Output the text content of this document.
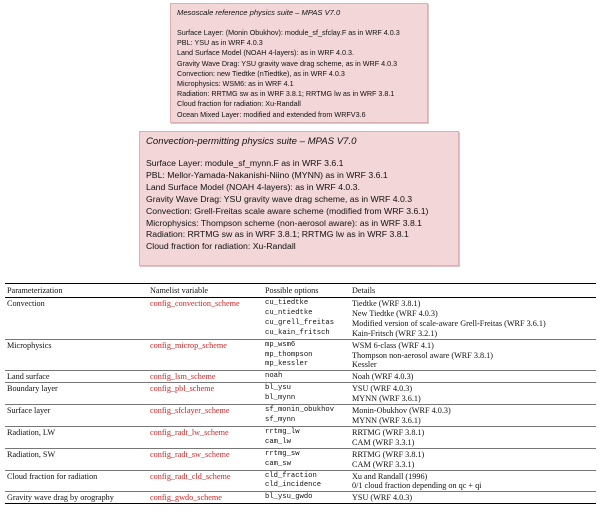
Mesoscale reference physics suite – MPAS V7.0
Surface Layer: (Monin Obukhov): module_sf_sfclay.F as in WRF 4.0.3
PBL: YSU as in WRF 4.0.3
Land Surface Model (NOAH 4-layers): as in WRF 4.0.3.
Gravity Wave Drag: YSU gravity wave drag scheme, as in WRF 4.0.3
Convection: new Tiedtke (nTiedtke), as in WRF 4.0.3
Microphysics: WSM6: as in WRF 4.1
Radiation: RRTMG sw as in WRF 3.8.1; RRTMG lw as in WRF 3.8.1
Cloud fraction for radiation: Xu-Randall
Ocean Mixed Layer: modified and extended from WRFV3.6
Convection-permitting physics suite – MPAS V7.0
Surface Layer: module_sf_mynn.F as in WRF 3.6.1
PBL: Mellor-Yamada-Nakanishi-Niino (MYNN) as in WRF 3.6.1
Land Surface Model (NOAH 4-layers): as in WRF 4.0.3.
Gravity Wave Drag: YSU gravity wave drag scheme, as in WRF 4.0.3
Convection: Grell-Freitas scale aware scheme (modified from WRF 3.6.1)
Microphysics: Thompson scheme (non-aerosol aware): as in WRF 3.8.1
Radiation: RRTMG sw as in WRF 3.8.1; RRTMG lw as in WRF 3.8.1
Cloud fraction for radiation: Xu-Randall
Parameterization	Namelist variable	Possible options	Details
Convection	config_convection_scheme	cu_tiedtke	Tiedtke (WRF 3.8.1)
		cu_ntiedtke	New Tiedtke (WRF 4.0.3)
		cu_grell_freitas	Modified version of scale-aware Grell-Freitas (WRF 3.6.1)
		cu_kain_fritsch	Kain-Fritsch (WRF 3.2.1)
Microphysics	config_microp_scheme	mp_wsm6	WSM 6-class (WRF 4.1)
		mp_thompson	Thompson non-aerosol aware (WRF 3.8.1)
		mp_kessler	Kessler
Land surface	config_lsm_scheme	noah	Noah (WRF 4.0.3)
Boundary layer	config_pbl_scheme	bl_ysu	YSU (WRF 4.0.3)
		bl_mynn	MYNN (WRF 3.6.1)
Surface layer	config_sfclayer_scheme	sf_monin_obukhov	Monin-Obukhov (WRF 4.0.3)
		sf_mynn	MYNN (WRF 3.6.1)
Radiation, LW	config_radt_lw_scheme	rrtmg_lw	RRTMG (WRF 3.8.1)
		cam_lw	CAM (WRF 3.3.1)
Radiation, SW	config_radt_sw_scheme	rrtmg_sw	RRTMG (WRF 3.8.1)
		cam_sw	CAM (WRF 3.3.1)
Cloud fraction for radiation	config_radt_cld_scheme	cld_fraction	Xu and Randall (1996)
		cld_incidence	0/1 cloud fraction depending on qc + qi
Gravity wave drag by orography	config_gwdo_scheme	bl_ysu_gwdo	YSU (WRF 4.0.3)
